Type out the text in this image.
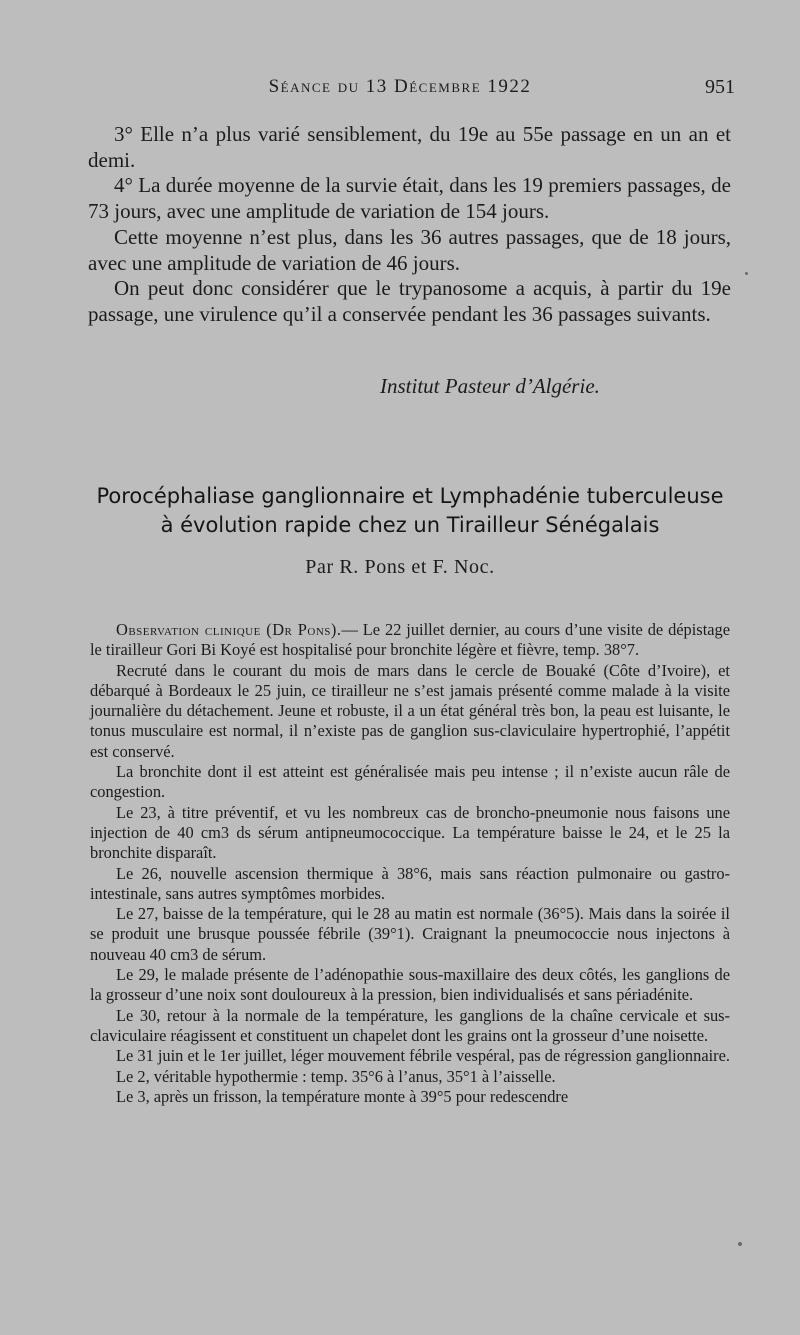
Séance du 13 Décembre 1922	951

3° Elle n’a plus varié sensiblement, du 19e au 55e passage en un an et demi.

4° La durée moyenne de la survie était, dans les 19 premiers passages, de 73 jours, avec une amplitude de variation de 154 jours.

Cette moyenne n’est plus, dans les 36 autres passages, que de 18 jours, avec une amplitude de variation de 46 jours.

On peut donc considérer que le trypanosome a acquis, à partir du 19e passage, une virulence qu’il a conservée pendant les 36 passages suivants.

Institut Pasteur d’Algérie.
Porocéphaliase ganglionnaire et Lymphadénie tuberculeuse
à évolution rapide chez un Tirailleur Sénégalais
Par R. Pons et F. Noc.

Observation clinique (Dr Pons).— Le 22 juillet dernier, au cours d’une visite de dépistage le tirailleur Gori Bi Koyé est hospitalisé pour bronchite légère et fièvre, temp. 38°7.

Recruté dans le courant du mois de mars dans le cercle de Bouaké (Côte d’Ivoire), et débarqué à Bordeaux le 25 juin, ce tirailleur ne s’est jamais présenté comme malade à la visite journalière du détachement. Jeune et robuste, il a un état général très bon, la peau est luisante, le tonus musculaire est normal, il n’existe pas de ganglion sus-claviculaire hypertrophié, l’appétit est conservé.

La bronchite dont il est atteint est généralisée mais peu intense ; il n’existe aucun râle de congestion.

Le 23, à titre préventif, et vu les nombreux cas de broncho-pneumonie nous faisons une injection de 40 cm3 ds sérum antipneumococcique. La température baisse le 24, et le 25 la bronchite disparaît.

Le 26, nouvelle ascension thermique à 38°6, mais sans réaction pulmonaire ou gastro-intestinale, sans autres symptômes morbides.

Le 27, baisse de la température, qui le 28 au matin est normale (36°5). Mais dans la soirée il se produit une brusque poussée fébrile (39°1). Craignant la pneumococcie nous injectons à nouveau 40 cm3 de sérum.

Le 29, le malade présente de l’adénopathie sous-maxillaire des deux côtés, les ganglions de la grosseur d’une noix sont douloureux à la pression, bien individualisés et sans périadénite.

Le 30, retour à la normale de la température, les ganglions de la chaîne cervicale et sus-claviculaire réagissent et constituent un chapelet dont les grains ont la grosseur d’une noisette.

Le 31 juin et le 1er juillet, léger mouvement fébrile vespéral, pas de régression ganglionnaire.

Le 2, véritable hypothermie : temp. 35°6 à l’anus, 35°1 à l’aisselle.

Le 3, après un frisson, la température monte à 39°5 pour redescendre
